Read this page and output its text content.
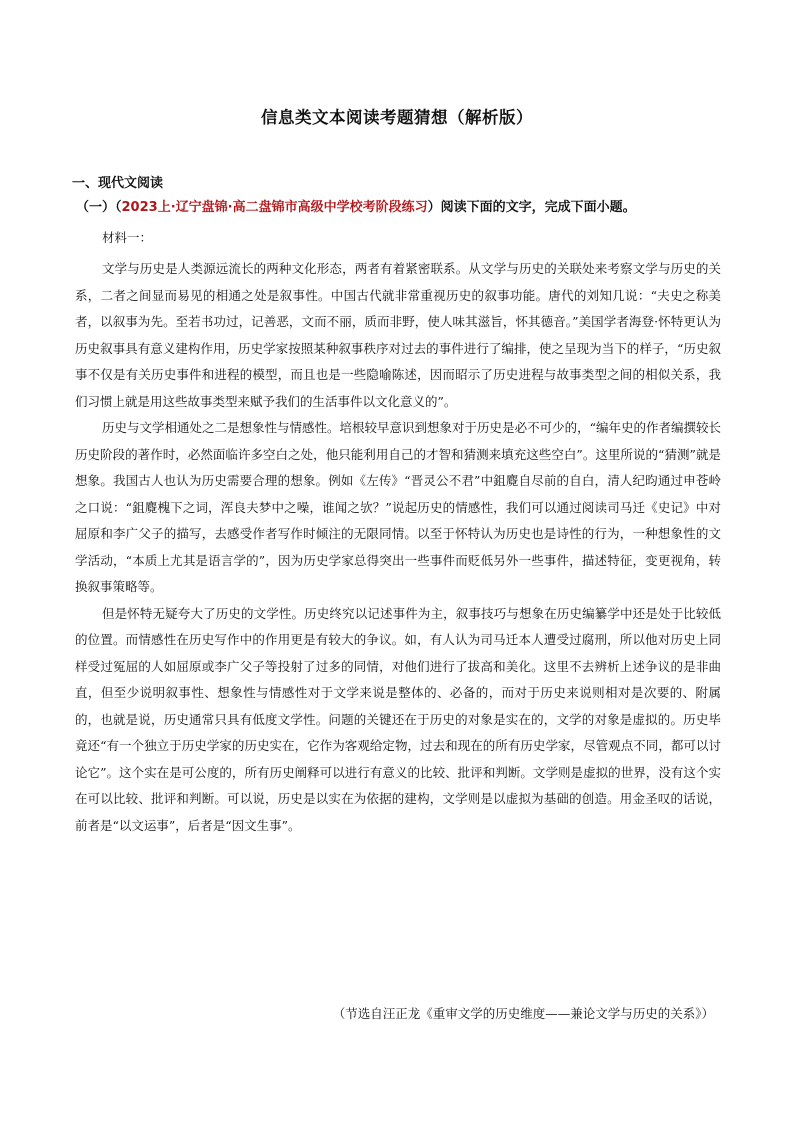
信息类文本阅读考题猜想（解析版）
一、现代文阅读
（一）（2023上·辽宁盘锦·高二盘锦市高级中学校考阶段练习）阅读下面的文字，完成下面小题。
材料一：

文学与历史是人类源远流长的两种文化形态，两者有着紧密联系。从文学与历史的关联处来考察文学与历史的关系，二者之间显而易见的相通之处是叙事性。中国古代就非常重视历史的叙事功能。唐代的刘知几说：“夫史之称美者，以叙事为先。至若书功过，记善恶，文而不丽，质而非野，使人味其滋旨，怀其德音。”美国学者海登·怀特更认为历史叙事具有意义建构作用，历史学家按照某种叙事秩序对过去的事件进行了编排，使之呈现为当下的样子，“历史叙事不仅是有关历史事件和进程的模型，而且也是一些隐喻陈述，因而昭示了历史进程与故事类型之间的相似关系，我们习惯上就是用这些故事类型来赋予我们的生活事件以文化意义的”。

历史与文学相通处之二是想象性与情感性。培根较早意识到想象对于历史是必不可少的，“编年史的作者编撰较长历史阶段的著作时，必然面临许多空白之处，他只能利用自己的才智和猜测来填充这些空白”。这里所说的“猜测”就是想象。我国古人也认为历史需要合理的想象。例如《左传》“晋灵公不君”中鉏麑自尽前的自白，清人纪昀通过申苍岭之口说：“鉏麑槐下之词，浑良夫梦中之噪，谁闻之欤？”说起历史的情感性，我们可以通过阅读司马迁《史记》中对屈原和李广父子的描写，去感受作者写作时倾注的无限同情。以至于怀特认为历史也是诗性的行为，一种想象性的文学活动，“本质上尤其是语言学的”，因为历史学家总得突出一些事件而贬低另外一些事件，描述特征，变更视角，转换叙事策略等。

但是怀特无疑夸大了历史的文学性。历史终究以记述事件为主，叙事技巧与想象在历史编纂学中还是处于比较低的位置。而情感性在历史写作中的作用更是有较大的争议。如，有人认为司马迁本人遭受过腐刑，所以他对历史上同样受过冤屈的人如屈原或李广父子等投射了过多的同情，对他们进行了拔高和美化。这里不去辨析上述争议的是非曲直，但至少说明叙事性、想象性与情感性对于文学来说是整体的、必备的，而对于历史来说则相对是次要的、附属的，也就是说，历史通常只具有低度文学性。问题的关键还在于历史的对象是实在的，文学的对象是虚拟的。历史毕竟还“有一个独立于历史学家的历史实在，它作为客观给定物，过去和现在的所有历史学家，尽管观点不同，都可以讨论它”。这个实在是可公度的，所有历史阐释可以进行有意义的比较、批评和判断。文学则是虚拟的世界，没有这个实在可以比较、批评和判断。可以说，历史是以实在为依据的建构，文学则是以虚拟为基础的创造。用金圣叹的话说，前者是“以文运事”，后者是“因文生事”。

（节选自汪正龙《重审文学的历史维度——兼论文学与历史的关系》）
